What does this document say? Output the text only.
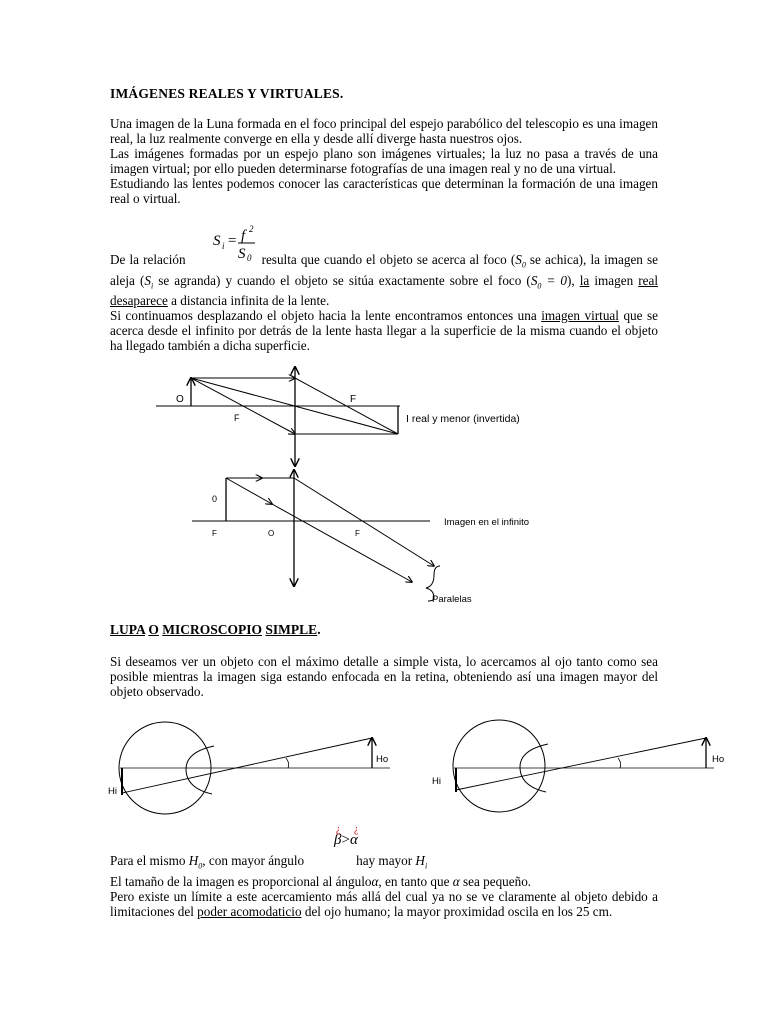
IMÁGENES REALES Y VIRTUALES.

Una imagen de la Luna formada en el foco principal del espejo parabólico del telescopio es una imagen real, la luz realmente converge en ella y desde allí diverge hasta nuestros ojos.

Las imágenes formadas por un espejo plano son imágenes virtuales; la luz no pasa a través de una imagen virtual; por ello pueden determinarse fotografías de una imagen real y no de una virtual.

Estudiando las lentes podemos conocer las características que determinan la formación de una imagen real o virtual.

S i = f 2
S 0

De la relación	resulta que cuando el objeto se acerca al foco ($S_0$ se achica), la imagen se aleja ($S_i$ se agranda) y cuando el objeto se sitúa exactamente sobre el foco $(S_0 = 0)$, la imagen real desaparece a distancia infinita de la lente.

Si continuamos desplazando el objeto hacia la lente encontramos entonces una imagen virtual que se acerca desde el infinito por detrás de la lente hasta llegar a la superficie de la misma cuando el objeto ha llegado también a dicha superficie.

O	F
F	I real y menor (invertida)
0
F	O	F
Imagen en el infinito
Paralelas
LUPA O MICROSCOPIO SIMPLE.

Si deseamos ver un objeto con el máximo detalle a simple vista, lo acercamos al ojo tanto como sea posible mientras la imagen siga estando enfocada en la retina, obteniendo así una imagen mayor del objeto observado.

Ho
Hi
Ho
Hi
¿ ¿
β>α

Para el mismo $H_0$, con mayor ángulo	hay mayor $H_i$

El tamaño de la imagen es proporcional al ánguloα, en tanto que α sea pequeño.

Pero existe un límite a este acercamiento más allá del cual ya no se ve claramente al objeto debido a limitaciones del poder acomodaticio del ojo humano; la mayor proximidad oscila en los 25 cm.
